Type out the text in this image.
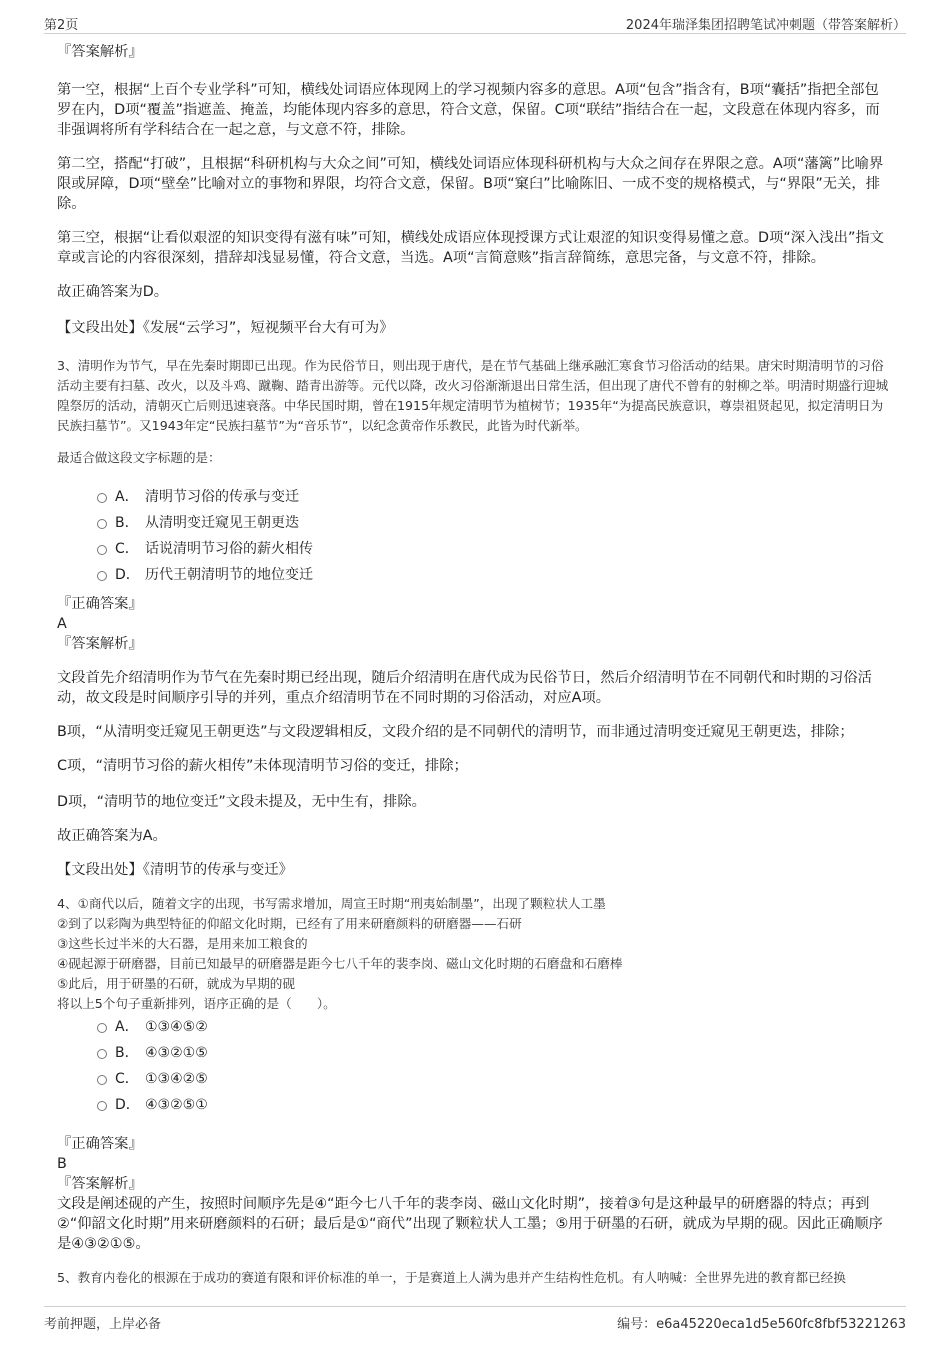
第2页	2024年瑞泽集团招聘笔试冲刺题（带答案解析）

『答案解析』

第一空，根据“上百个专业学科”可知，横线处词语应体现网上的学习视频内容多的意思。A项“包含”指含有，B项“囊括”指把全部包罗在内，D项“覆盖”指遮盖、掩盖，均能体现内容多的意思，符合文意，保留。C项“联结”指结合在一起，文段意在体现内容多，而非强调将所有学科结合在一起之意，与文意不符，排除。

第二空，搭配“打破”，且根据“科研机构与大众之间”可知，横线处词语应体现科研机构与大众之间存在界限之意。A项“藩篱”比喻界限或屏障，D项“壁垒”比喻对立的事物和界限，均符合文意，保留。B项“窠臼”比喻陈旧、一成不变的规格模式，与“界限”无关，排除。

第三空，根据“让看似艰涩的知识变得有滋有味”可知，横线处成语应体现授课方式让艰涩的知识变得易懂之意。D项“深入浅出”指文章或言论的内容很深刻，措辞却浅显易懂，符合文意，当选。A项“言简意赅”指言辞简练，意思完备，与文意不符，排除。

故正确答案为D。

【文段出处】《发展“云学习”，短视频平台大有可为》

3、清明作为节气，早在先秦时期即已出现。作为民俗节日，则出现于唐代，是在节气基础上继承融汇寒食节习俗活动的结果。唐宋时期清明节的习俗活动主要有扫墓、改火，以及斗鸡、蹴鞠、踏青出游等。元代以降，改火习俗渐渐退出日常生活，但出现了唐代不曾有的射柳之举。明清时期盛行迎城隍祭厉的活动，清朝灭亡后则迅速衰落。中华民国时期，曾在1915年规定清明节为植树节；1935年“为提高民族意识，尊崇祖贤起见，拟定清明日为民族扫墓节”。又1943年定“民族扫墓节”为“音乐节”，以纪念黄帝作乐教民，此皆为时代新举。

最适合做这段文字标题的是：

A． 清明节习俗的传承与变迁
B． 从清明变迁窥见王朝更迭
C． 话说清明节习俗的薪火相传
D． 历代王朝清明节的地位变迁

『正确答案』

A

『答案解析』

文段首先介绍清明作为节气在先秦时期已经出现，随后介绍清明在唐代成为民俗节日，然后介绍清明节在不同朝代和时期的习俗活动，故文段是时间顺序引导的并列，重点介绍清明节在不同时期的习俗活动，对应A项。

B项，“从清明变迁窥见王朝更迭”与文段逻辑相反，文段介绍的是不同朝代的清明节，而非通过清明变迁窥见王朝更迭，排除；

C项，“清明节习俗的薪火相传”未体现清明节习俗的变迁，排除；

D项，“清明节的地位变迁”文段未提及，无中生有，排除。

故正确答案为A。

【文段出处】《清明节的传承与变迁》

4、①商代以后，随着文字的出现，书写需求增加，周宣王时期“刑夷始制墨”，出现了颗粒状人工墨

②到了以彩陶为典型特征的仰韶文化时期，已经有了用来研磨颜料的研磨器——石研

③这些长过半米的大石器，是用来加工粮食的

④砚起源于研磨器，目前已知最早的研磨器是距今七八千年的裴李岗、磁山文化时期的石磨盘和石磨棒

⑤此后，用于研墨的石研，就成为早期的砚

将以上5个句子重新排列，语序正确的是（　　）。

A． ①③④⑤②
B． ④③②①⑤
C． ①③④②⑤
D． ④③②⑤①

『正确答案』

B

『答案解析』

文段是阐述砚的产生，按照时间顺序先是④“距今七八千年的裴李岗、磁山文化时期”，接着③句是这种最早的研磨器的特点；再到②“仰韶文化时期”用来研磨颜料的石研；最后是①“商代”出现了颗粒状人工墨；⑤用于研墨的石研，就成为早期的砚。因此正确顺序是④③②①⑤。

5、教育内卷化的根源在于成功的赛道有限和评价标准的单一，于是赛道上人满为患并产生结构性危机。有人呐喊：全世界先进的教育都已经换

考前押题，上岸必备	编号：e6a45220eca1d5e560fc8fbf53221263
